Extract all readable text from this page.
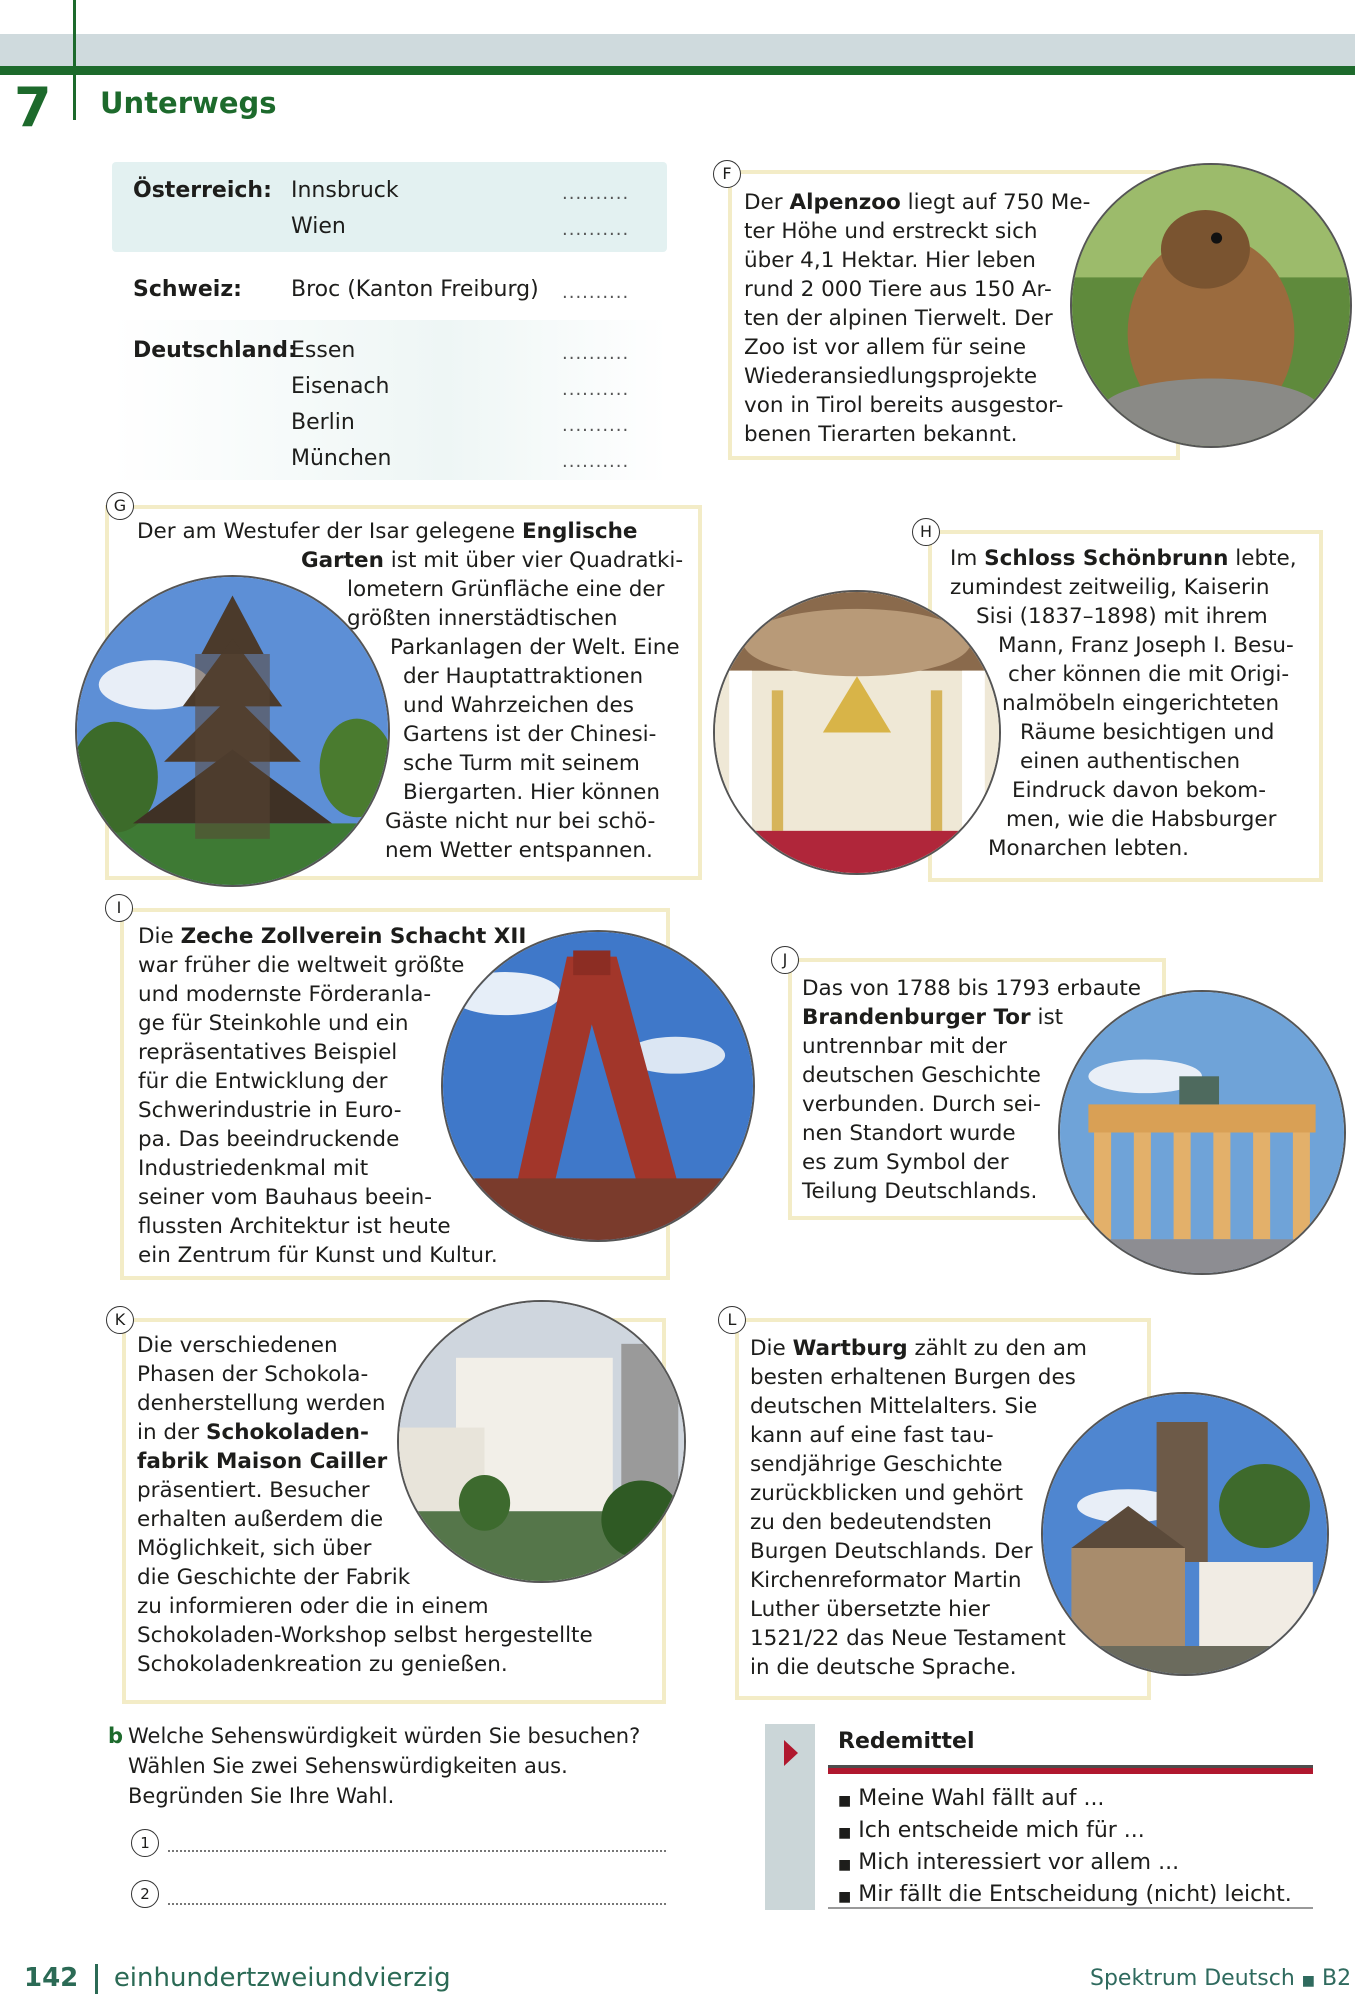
7 Unterwegs
Österreich: Innsbruck
Wien
Schweiz: Broc (Kanton Freiburg)
Deutschland:
Essen
Eisenach
Berlin
München
..........
..........
..........
..........
..........
..........
..........
F
Der Alpenzoo liegt auf 750 Me-
ter Höhe und erstreckt sich
über 4,1 Hektar. Hier leben
rund 2 000 Tiere aus 150 Ar-
ten der alpinen Tierwelt. Der
Zoo ist vor allem für seine
Wiederansiedlungsprojekte
von in Tirol bereits ausgestor-
benen Tierarten bekannt.
G
Der am Westufer der Isar gelegene Englische
Garten ist mit über vier Quadratki-
lometern Grünfläche eine der
größten innerstädtischen
Parkanlagen der Welt. Eine
der Hauptattraktionen
und Wahrzeichen des
Gartens ist der Chinesi-
sche Turm mit seinem
Biergarten. Hier können
Gäste nicht nur bei schö-
nem Wetter entspannen.
H
Im Schloss Schönbrunn lebte,
zumindest zeitweilig, Kaiserin
Sisi (1837–1898) mit ihrem
Mann, Franz Joseph I. Besu-
cher können die mit Origi-
nalmöbeln eingerichteten
Räume besichtigen und
einen authentischen
Eindruck davon bekom-
men, wie die Habsburger
Monarchen lebten.
I
Die Zeche Zollverein Schacht XII
war früher die weltweit größte
und modernste Förderanla-
ge für Steinkohle und ein
repräsentatives Beispiel
für die Entwicklung der
Schwerindustrie in Euro-
pa. Das beeindruckende
Industriedenkmal mit
seiner vom Bauhaus beein-
flussten Architektur ist heute
ein Zentrum für Kunst und Kultur.
J
Das von 1788 bis 1793 erbaute
Brandenburger Tor ist
untrennbar mit der
deutschen Geschichte
verbunden. Durch sei-
nen Standort wurde
es zum Symbol der
Teilung Deutschlands.
K
Die verschiedenen
Phasen der Schokola-
denherstellung werden
in der Schokoladen-
fabrik Maison Cailler
präsentiert. Besucher
erhalten außerdem die
Möglichkeit, sich über
die Geschichte der Fabrik
zu informieren oder die in einem
Schokoladen-Workshop selbst hergestellte
Schokoladenkreation zu genießen.
L
Die Wartburg zählt zu den am
besten erhaltenen Burgen des
deutschen Mittelalters. Sie
kann auf eine fast tau-
sendjährige Geschichte
zurückblicken und gehört
zu den bedeutendsten
Burgen Deutschlands. Der
Kirchenreformator Martin
Luther übersetzte hier
1521/22 das Neue Testament
in die deutsche Sprache.
b Welche Sehenswürdigkeit würden Sie besuchen?
Wählen Sie zwei Sehenswürdigkeiten aus.
Begründen Sie Ihre Wahl.
1
2
Redemittel
■ Meine Wahl fällt auf ...
■ Ich entscheide mich für ...
■ Mich interessiert vor allem ...
■ Mir fällt die Entscheidung (nicht) leicht.
142 einhundertzweiundvierzig	Spektrum Deutsch ■ B2
